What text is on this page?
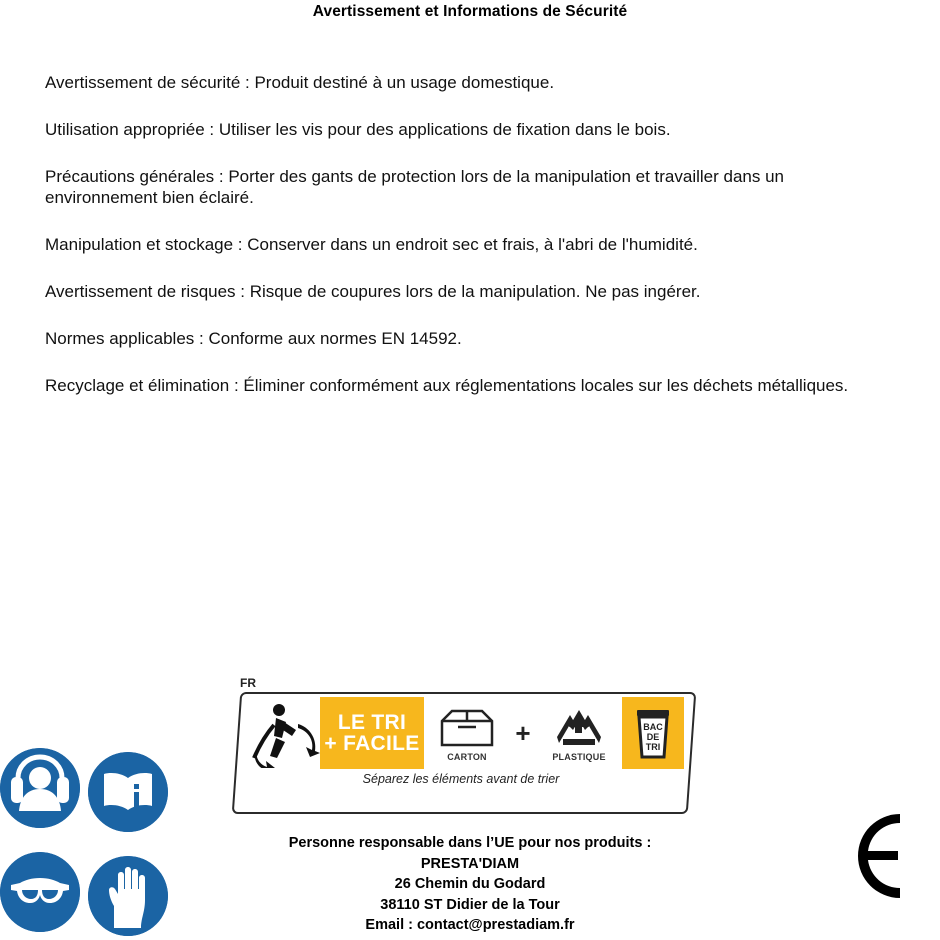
Avertissement et Informations de Sécurité

Avertissement de sécurité : Produit destiné à un usage domestique.

Utilisation appropriée : Utiliser les vis pour des applications de fixation dans le bois.

Précautions générales : Porter des gants de protection lors de la manipulation et travailler dans un environnement bien éclairé.

Manipulation et stockage : Conserver dans un endroit sec et frais, à l'abri de l'humidité.

Avertissement de risques : Risque de coupures lors de la manipulation. Ne pas ingérer.

Normes applicables : Conforme aux normes EN 14592.

Recyclage et élimination : Éliminer conformément aux réglementations locales sur les déchets métalliques.

FR
LE TRI
+ FACILE
CARTON
+
PLASTIQUE
BAC
DE
TRI
Séparez les éléments avant de trier
Personne responsable dans l’UE pour nos produits :
PRESTA'DIAM
26 Chemin du Godard
38110 ST Didier de la Tour
Email : contact@prestadiam.fr
